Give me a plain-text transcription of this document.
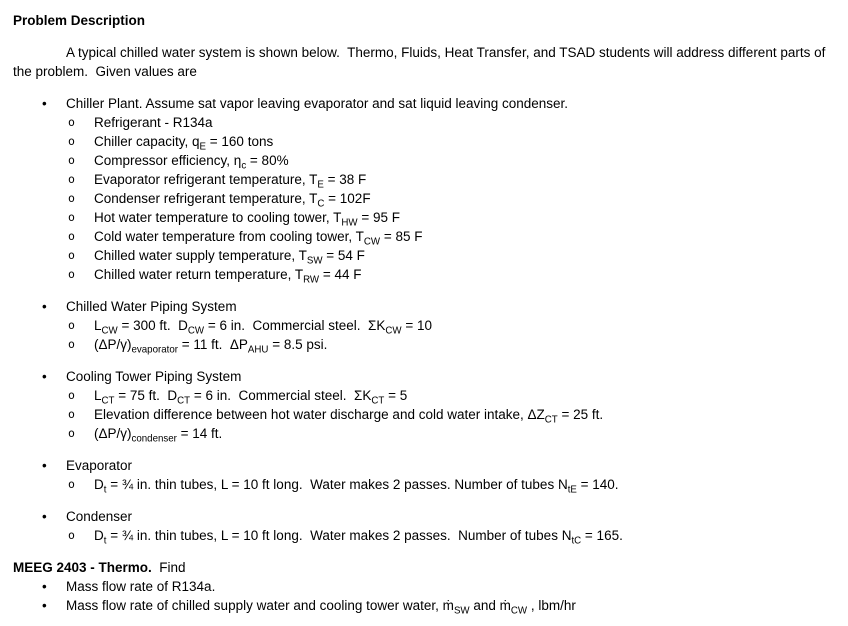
Problem Description
A typical chilled water system is shown below.  Thermo, Fluids, Heat Transfer, and TSAD students will address different parts of the problem.  Given values are
•	Chiller Plant. Assume sat vapor leaving evaporator and sat liquid leaving condenser.
o	Refrigerant - R134a
o	Chiller capacity, $q_E = 160$ tons
o	Compressor efficiency, $\eta_c = 80\%$
o	Evaporator refrigerant temperature, $T_E = 38$ F
o	Condenser refrigerant temperature, $T_C = 102F$
o	Hot water temperature to cooling tower, $T_{HW} = 95$ F
o	Cold water temperature from cooling tower, $T_{CW} = 85$ F
o	Chilled water supply temperature, $T_{SW} = 54$ F
o	Chilled water return temperature, $T_{RW} = 44$ F
•	Chilled Water Piping System
o	$L_{CW} = 300$ ft.  $D_{CW} = 6$ in.  Commercial steel.  $\Sigma K_{CW} = 10$
o	$(\Delta P/\gamma)_{evaporator} = 11$ ft.  $\Delta P_{AHU} = 8.5$ psi.
•	Cooling Tower Piping System
o	$L_{CT} = 75$ ft.  $D_{CT} = 6$ in.  Commercial steel.  $\Sigma K_{CT} = 5$
o	Elevation difference between hot water discharge and cold water intake, $\Delta Z_{CT} = 25$ ft.
o	$(\Delta P/\gamma)_{condenser} = 14$ ft.
•	Evaporator
o	$D_t$ = ¾ in. thin tubes, L = 10 ft long.  Water makes 2 passes. Number of tubes $N_{tE} = 140$.
•	Condenser
o	$D_t$ = ¾ in. thin tubes, L = 10 ft long.  Water makes 2 passes.  Number of tubes $N_{tC} = 165$.
MEEG 2403 - Thermo.  Find
•	Mass flow rate of R134a.
•	Mass flow rate of chilled supply water and cooling tower water, ṁ$_{SW}$ and ṁ$_{CW}$ , lbm/hr
